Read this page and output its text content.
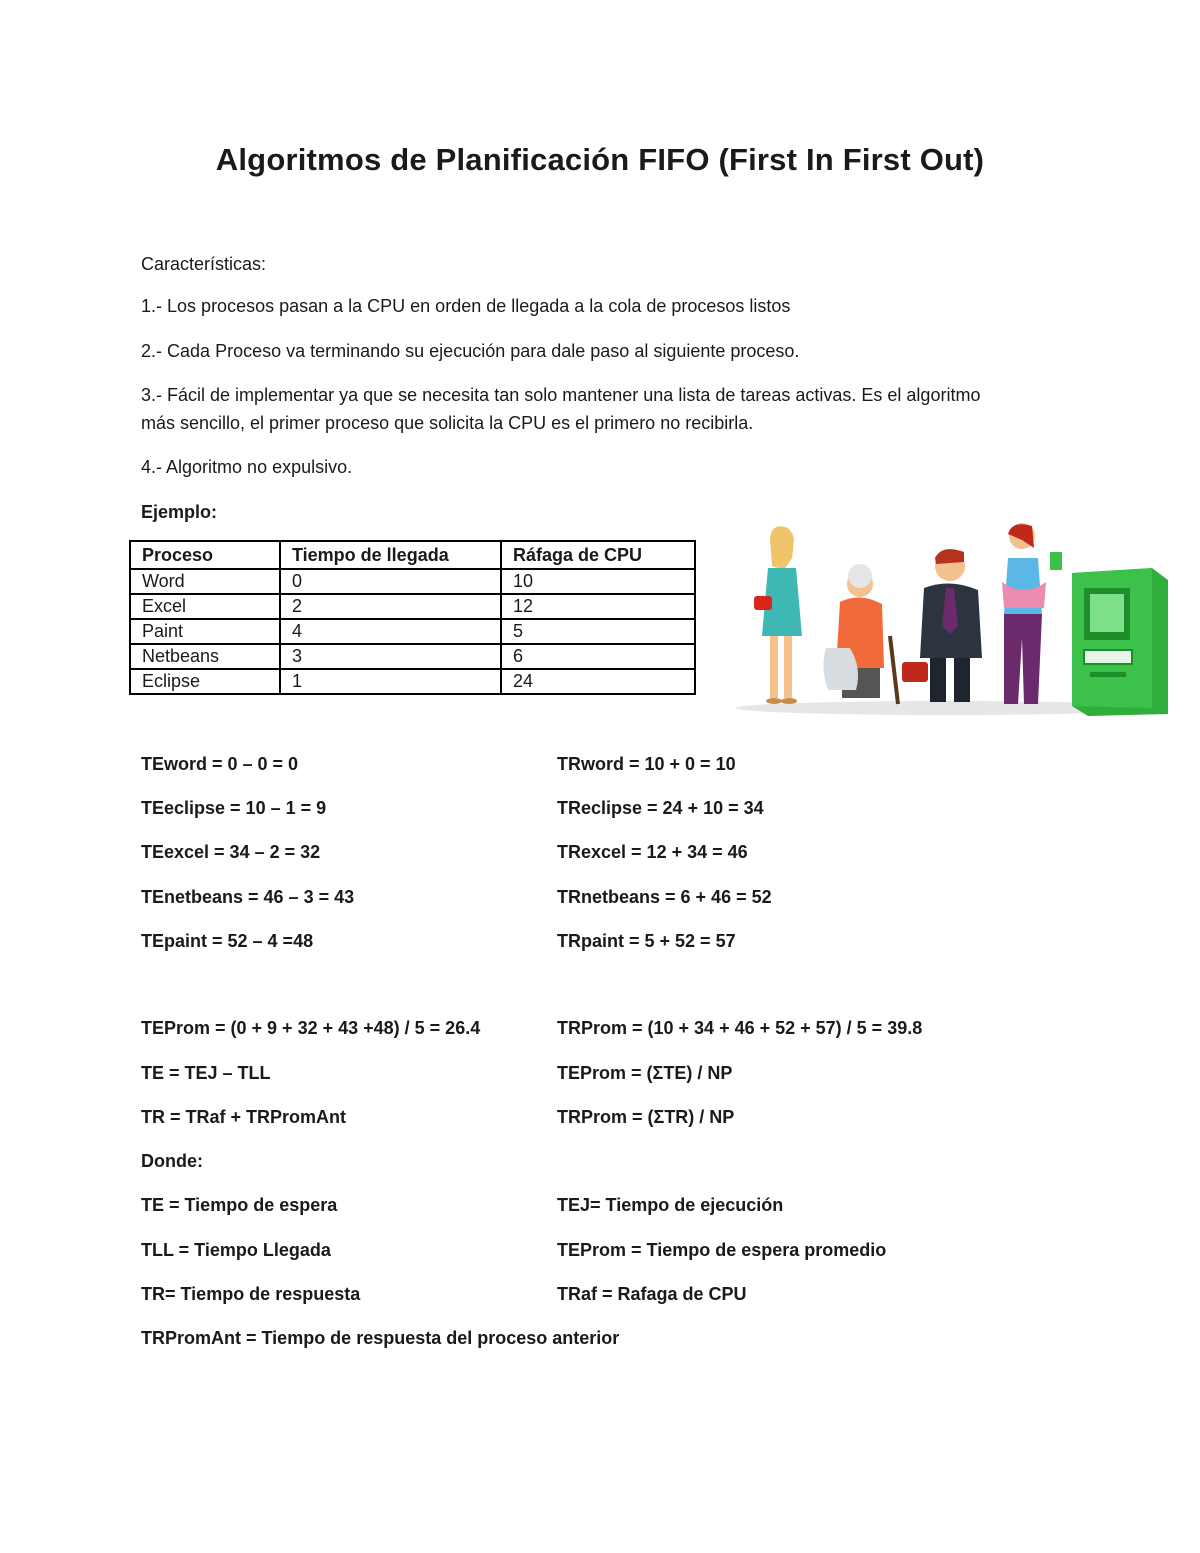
Algoritmos de Planificación FIFO (First In First Out)
Características:
1.- Los procesos pasan a la CPU en orden de llegada a la cola de procesos listos
2.- Cada Proceso va terminando su ejecución para dale paso al siguiente proceso.
3.- Fácil de implementar ya que se necesita tan solo mantener una lista de tareas activas. Es el algoritmo
más sencillo, el primer proceso que solicita la CPU es el primero no recibirla.
4.- Algoritmo no expulsivo.
Ejemplo:
Proceso	Tiempo de llegada	Ráfaga de CPU
Word	0	10
Excel	2	12
Paint	4	5
Netbeans	3	6
Eclipse	1	24
TEword = 0 – 0 = 0
TEeclipse = 10 – 1 = 9
TEexcel = 34 – 2 = 32
TEnetbeans = 46 – 3 = 43
TEpaint = 52 – 4 =48
TRword = 10 + 0 = 10
TReclipse = 24 + 10 = 34
TRexcel = 12 + 34 = 46
TRnetbeans = 6 + 46 = 52
TRpaint = 5 + 52 = 57
TEProm = (0 + 9 + 32 + 43 +48) / 5 = 26.4
TE = TEJ – TLL
TR = TRaf + TRPromAnt
TRProm = (10 + 34 + 46 + 52 + 57) / 5 = 39.8
TEProm = (ΣTE) / NP
TRProm = (ΣTR) / NP
Donde:
TE = Tiempo de espera
TLL = Tiempo Llegada
TR= Tiempo de respuesta
TEJ= Tiempo de ejecución
TEProm = Tiempo de espera promedio
TRaf = Rafaga de CPU
TRPromAnt = Tiempo de respuesta del proceso anterior
